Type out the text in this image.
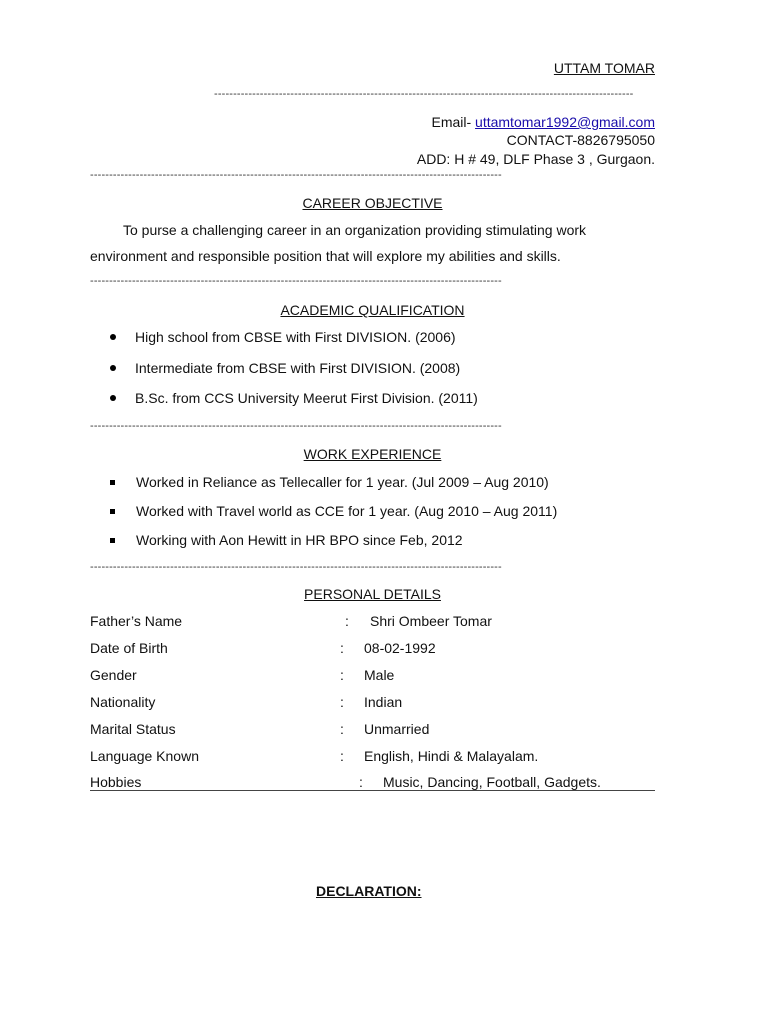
UTTAM TOMAR
--------------------------------------------------------------------------------------------------------------
Email- uttamtomar1992@gmail.com
CONTACT-8826795050
ADD: H # 49, DLF Phase 3 , Gurgaon.
------------------------------------------------------------------------------------------------------------
CAREER OBJECTIVE
To purse a challenging career in an organization providing stimulating work
environment and responsible position that will explore my abilities and skills.
------------------------------------------------------------------------------------------------------------
ACADEMIC QUALIFICATION
High school from CBSE with First DIVISION. (2006)
Intermediate from CBSE with First DIVISION. (2008)
B.Sc. from CCS University Meerut First Division. (2011)
------------------------------------------------------------------------------------------------------------
WORK EXPERIENCE
Worked in Reliance as Tellecaller for 1 year. (Jul 2009 – Aug 2010)
Worked with Travel world as CCE for 1 year. (Aug 2010 – Aug 2011)
Working with Aon Hewitt in HR BPO since Feb, 2012
------------------------------------------------------------------------------------------------------------
PERSONAL DETAILS
Father’s Name	: Shri Ombeer Tomar
Date of Birth	: 08-02-1992
Gender	: Male
Nationality	: Indian
Marital Status	: Unmarried
Language Known	: English, Hindi & Malayalam.
Hobbies	: Music, Dancing, Football, Gadgets.
DECLARATION:
